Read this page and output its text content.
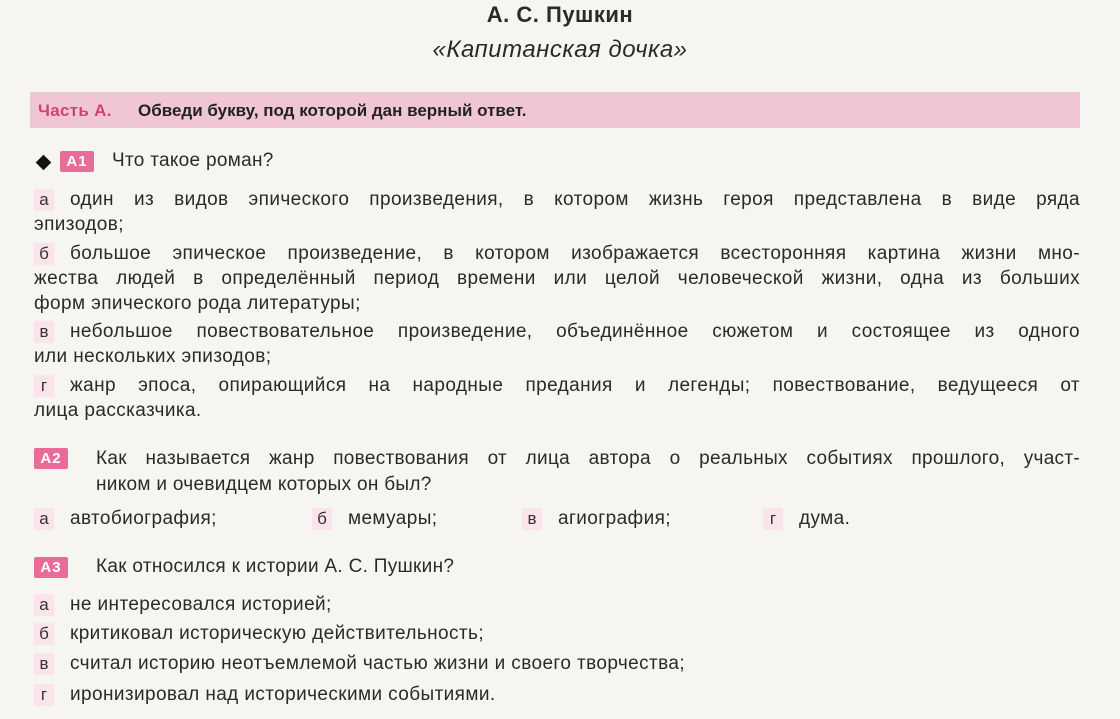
А. С. Пушкин
«Капитанская дочка»
Часть А. Обведи букву, под которой дан верный ответ.
А1	Что такое роман?
а один из видов эпического произведения, в котором жизнь героя представлена в виде ряда
эпизодов;
б большое эпическое произведение, в котором изображается всесторонняя картина жизни мно-
жества людей в определённый период времени или целой человеческой жизни, одна из больших
форм эпического рода литературы;
в небольшое повествовательное произведение, объединённое сюжетом и состоящее из одного
или нескольких эпизодов;
г	жанр эпоса, опирающийся на народные предания и легенды; повествование, ведущееся от
лица рассказчика.
А2	Как называется жанр повествования от лица автора о реальных событиях прошлого, участ-
ником и очевидцем которых он был?
а автобиография;	б мемуары;	в агиография;	г	дума.
А3	Как относился к истории А. С. Пушкин?
а не интересовался историей;
б критиковал историческую действительность;
в считал историю неотъемлемой частью жизни и своего творчества;
г	иронизировал над историческими событиями.
